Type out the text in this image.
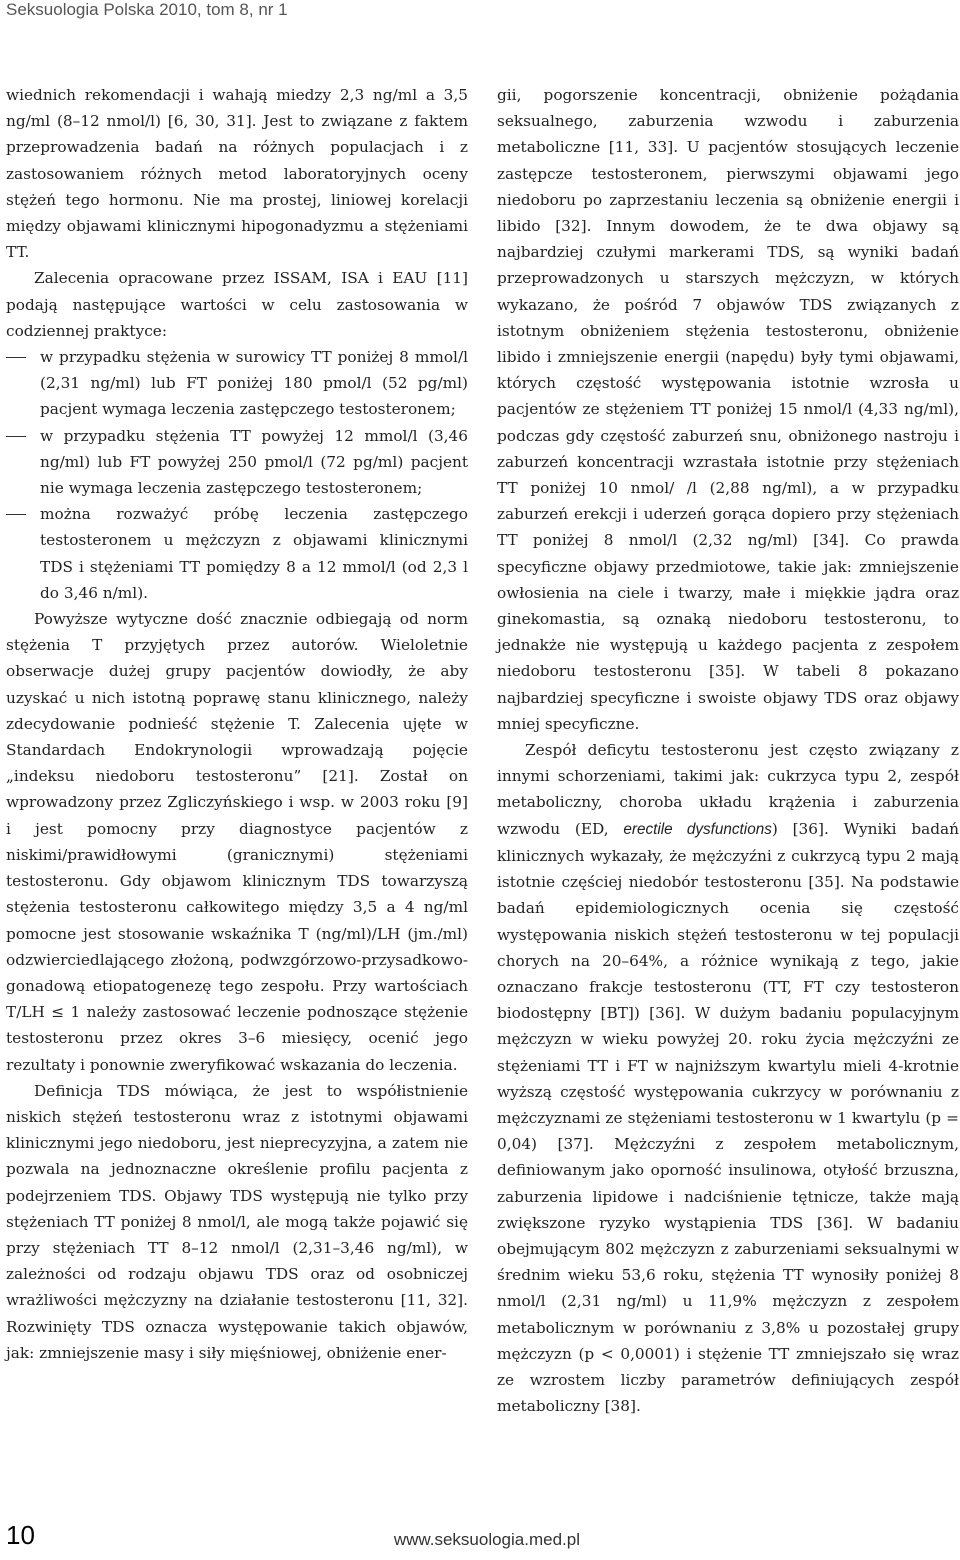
Seksuologia Polska 2010, tom 8, nr 1

wiednich rekomendacji i wahają miedzy 2,3 ng/ml a 3,5 ng/ml (8–12 nmol/l) [6, 30, 31]. Jest to związane z faktem przeprowadzenia badań na różnych populacjach i z zastosowaniem różnych metod laboratoryjnych oceny stężeń tego hormonu. Nie ma prostej, liniowej korelacji między objawami klinicznymi hipogonadyzmu a stężeniami TT.

Zalecenia opracowane przez ISSAM, ISA i EAU [11] podają następujące wartości w celu zastosowania w codziennej praktyce:

w przypadku stężenia w surowicy TT poniżej 8 mmol/l (2,31 ng/ml) lub FT poniżej 180 pmol/l (52 pg/ml) pacjent wymaga leczenia zastępczego testosteronem;

w przypadku stężenia TT powyżej 12 mmol/l (3,46 ng/ml) lub FT powyżej 250 pmol/l (72 pg/ml) pacjent nie wymaga leczenia zastępczego testosteronem;

można rozważyć próbę leczenia zastępczego testosteronem u mężczyzn z objawami klinicznymi TDS i stężeniami TT pomiędzy 8 a 12 mmol/l (od 2,3 l do 3,46 n/ml).

Powyższe wytyczne dość znacznie odbiegają od norm stężenia T przyjętych przez autorów. Wieloletnie obserwacje dużej grupy pacjentów dowiodły, że aby uzyskać u nich istotną poprawę stanu klinicznego, należy zdecydowanie podnieść stężenie T. Zalecenia ujęte w Standardach Endokrynologii wprowadzają pojęcie „indeksu niedoboru testosteronu” [21]. Został on wprowadzony przez Zgliczyńskiego i wsp. w 2003 roku [9] i jest pomocny przy diagnostyce pacjentów z niskimi/prawidłowymi (granicznymi) stężeniami testosteronu. Gdy objawom klinicznym TDS towarzyszą stężenia testosteronu całkowitego między 3,5 a 4 ng/ml pomocne jest stosowanie wskaźnika T (ng/ml)/LH (jm./ml) odzwierciedlającego złożoną, podwzgórzowo-przysadkowo-gonadową etiopatogenezę tego zespołu. Przy wartościach T/LH ≤ 1 należy zastosować leczenie podnoszące stężenie testosteronu przez okres 3–6 miesięcy, ocenić jego rezultaty i ponownie zweryfikować wskazania do leczenia.

Definicja TDS mówiąca, że jest to współistnienie niskich stężeń testosteronu wraz z istotnymi objawami klinicznymi jego niedoboru, jest nieprecyzyjna, a zatem nie pozwala na jednoznaczne określenie profilu pacjenta z podejrzeniem TDS. Objawy TDS występują nie tylko przy stężeniach TT poniżej 8 nmol/l, ale mogą także pojawić się przy stężeniach TT 8–12 nmol/l (2,31–3,46 ng/ml), w zależności od rodzaju objawu TDS oraz od osobniczej wrażliwości mężczyzny na działanie testosteronu [11, 32]. Rozwinięty TDS oznacza występowanie takich objawów, jak: zmniejszenie masy i siły mięśniowej, obniżenie ener-

gii, pogorszenie koncentracji, obniżenie pożądania seksualnego, zaburzenia wzwodu i zaburzenia metaboliczne [11, 33]. U pacjentów stosujących leczenie zastępcze testosteronem, pierwszymi objawami jego niedoboru po zaprzestaniu leczenia są obniżenie energii i libido [32]. Innym dowodem, że te dwa objawy są najbardziej czułymi markerami TDS, są wyniki badań przeprowadzonych u starszych mężczyzn, w których wykazano, że pośród 7 objawów TDS związanych z istotnym obniżeniem stężenia testosteronu, obniżenie libido i zmniejszenie energii (napędu) były tymi objawami, których częstość występowania istotnie wzrosła u pacjentów ze stężeniem TT poniżej 15 nmol/l (4,33 ng/ml), podczas gdy częstość zaburzeń snu, obniżonego nastroju i zaburzeń koncentracji wzrastała istotnie przy stężeniach TT poniżej 10 nmol/ /l (2,88 ng/ml), a w przypadku zaburzeń erekcji i uderzeń gorąca dopiero przy stężeniach TT poniżej 8 nmol/l (2,32 ng/ml) [34]. Co prawda specyficzne objawy przedmiotowe, takie jak: zmniejszenie owłosienia na ciele i twarzy, małe i miękkie jądra oraz ginekomastia, są oznaką niedoboru testosteronu, to jednakże nie występują u każdego pacjenta z zespołem niedoboru testosteronu [35]. W tabeli 8 pokazano najbardziej specyficzne i swoiste objawy TDS oraz objawy mniej specyficzne.

Zespół deficytu testosteronu jest często związany z innymi schorzeniami, takimi jak: cukrzyca typu 2, zespół metaboliczny, choroba układu krążenia i zaburzenia wzwodu (ED, erectile dysfunctions) [36]. Wyniki badań klinicznych wykazały, że mężczyźni z cukrzycą typu 2 mają istotnie częściej niedobór testosteronu [35]. Na podstawie badań epidemiologicznych ocenia się częstość występowania niskich stężeń testosteronu w tej populacji chorych na 20–64%, a różnice wynikają z tego, jakie oznaczano frakcje testosteronu (TT, FT czy testosteron biodostępny [BT]) [36]. W dużym badaniu populacyjnym mężczyzn w wieku powyżej 20. roku życia mężczyźni ze stężeniami TT i FT w najniższym kwartylu mieli 4-krotnie wyższą częstość występowania cukrzycy w porównaniu z mężczyznami ze stężeniami testosteronu w 1 kwartylu (p = 0,04) [37]. Mężczyźni z zespołem metabolicznym, definiowanym jako oporność insulinowa, otyłość brzuszna, zaburzenia lipidowe i nadciśnienie tętnicze, także mają zwiększone ryzyko wystąpienia TDS [36]. W badaniu obejmującym 802 mężczyzn z zaburzeniami seksualnymi w średnim wieku 53,6 roku, stężenia TT wynosiły poniżej 8 nmol/l (2,31 ng/ml) u 11,9% mężczyzn z zespołem metabolicznym w porównaniu z 3,8% u pozostałej grupy mężczyzn (p < 0,0001) i stężenie TT zmniejszało się wraz ze wzrostem liczby parametrów definiujących zespół metaboliczny [38].

10	www.seksuologia.med.pl
